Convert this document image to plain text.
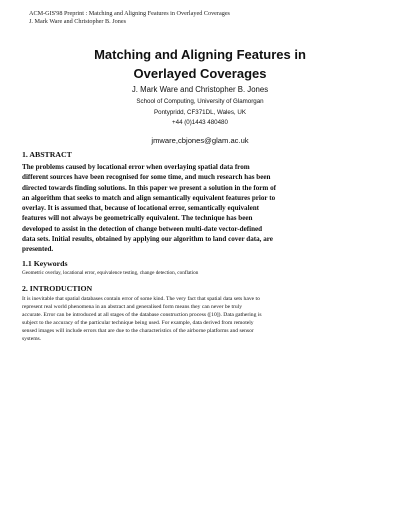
ACM-GIS'98 Preprint : Matching and Aligning Features in Overlayed Coverages
J. Mark Ware and Christopher B. Jones
Matching and Aligning Features in
Overlayed Coverages
J. Mark Ware and Christopher B. Jones
School of Computing, University of Glamorgan
Pontypridd, CF371DL, Wales, UK
+44 (0)1443 480480
jmware,cbjones@glam.ac.uk
1. ABSTRACT
The problems caused by locational error when overlaying spatial data from
different sources have been recognised for some time, and much research has been
directed towards finding solutions. In this paper we present a solution in the form of
an algorithm that seeks to match and align semantically equivalent features prior to
overlay. It is assumed that, because of locational error, semantically equivalent
features will not always be geometrically equivalent. The technique has been
developed to assist in the detection of change between multi-date vector-defined
data sets. Initial results, obtained by applying our algorithm to land cover data, are
presented.
1.1 Keywords
Geometric overlay, locational error, equivalence testing, change detection, conflation
2. INTRODUCTION
It is inevitable that spatial databases contain error of some kind. The very fact that spatial data sets have to
represent real world phenomena in an abstract and generalised form means they can never be truly
accurate. Error can be introduced at all stages of the database construction process ([10]). Data gathering is
subject to the accuracy of the particular technique being used. For example, data derived from remotely
sensed images will include errors that are due to the characteristics of the airborne platforms and sensor
systems.
